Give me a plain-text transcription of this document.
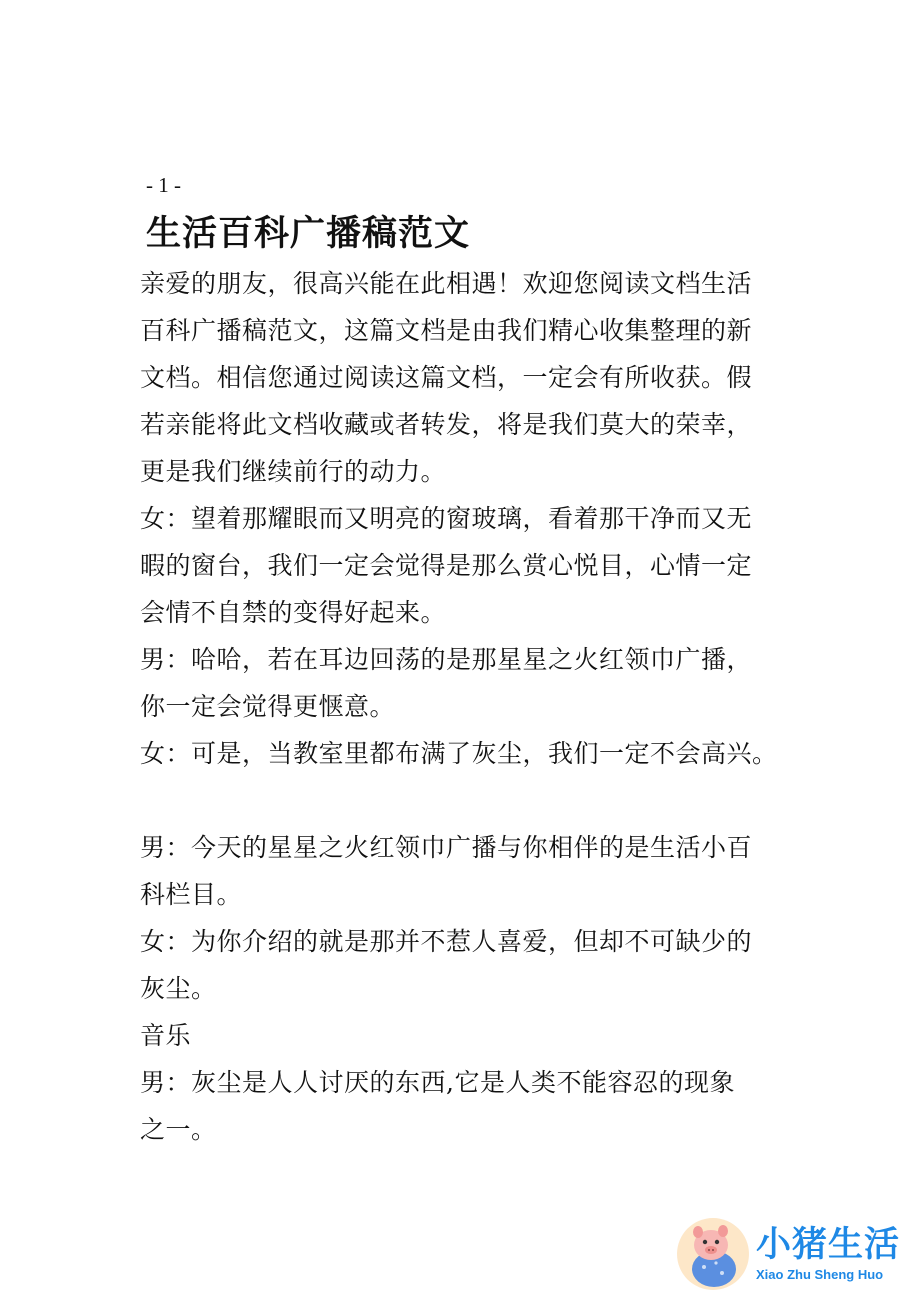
- 1 -
生活百科广播稿范文

亲爱的朋友，很高兴能在此相遇！欢迎您阅读文档生活
百科广播稿范文，这篇文档是由我们精心收集整理的新
文档。相信您通过阅读这篇文档，一定会有所收获。假
若亲能将此文档收藏或者转发，将是我们莫大的荣幸，
更是我们继续前行的动力。

女：望着那耀眼而又明亮的窗玻璃，看着那干净而又无
暇的窗台，我们一定会觉得是那么赏心悦目，心情一定
会情不自禁的变得好起来。

男：哈哈，若在耳边回荡的是那星星之火红领巾广播，
你一定会觉得更惬意。

女：可是，当教室里都布满了灰尘，我们一定不会高兴。

男：今天的星星之火红领巾广播与你相伴的是生活小百
科栏目。

女：为你介绍的就是那并不惹人喜爱，但却不可缺少的
灰尘。

音乐

男：灰尘是人人讨厌的东西,它是人类不能容忍的现象
之一。

小猪生活
Xiao Zhu Sheng Huo
